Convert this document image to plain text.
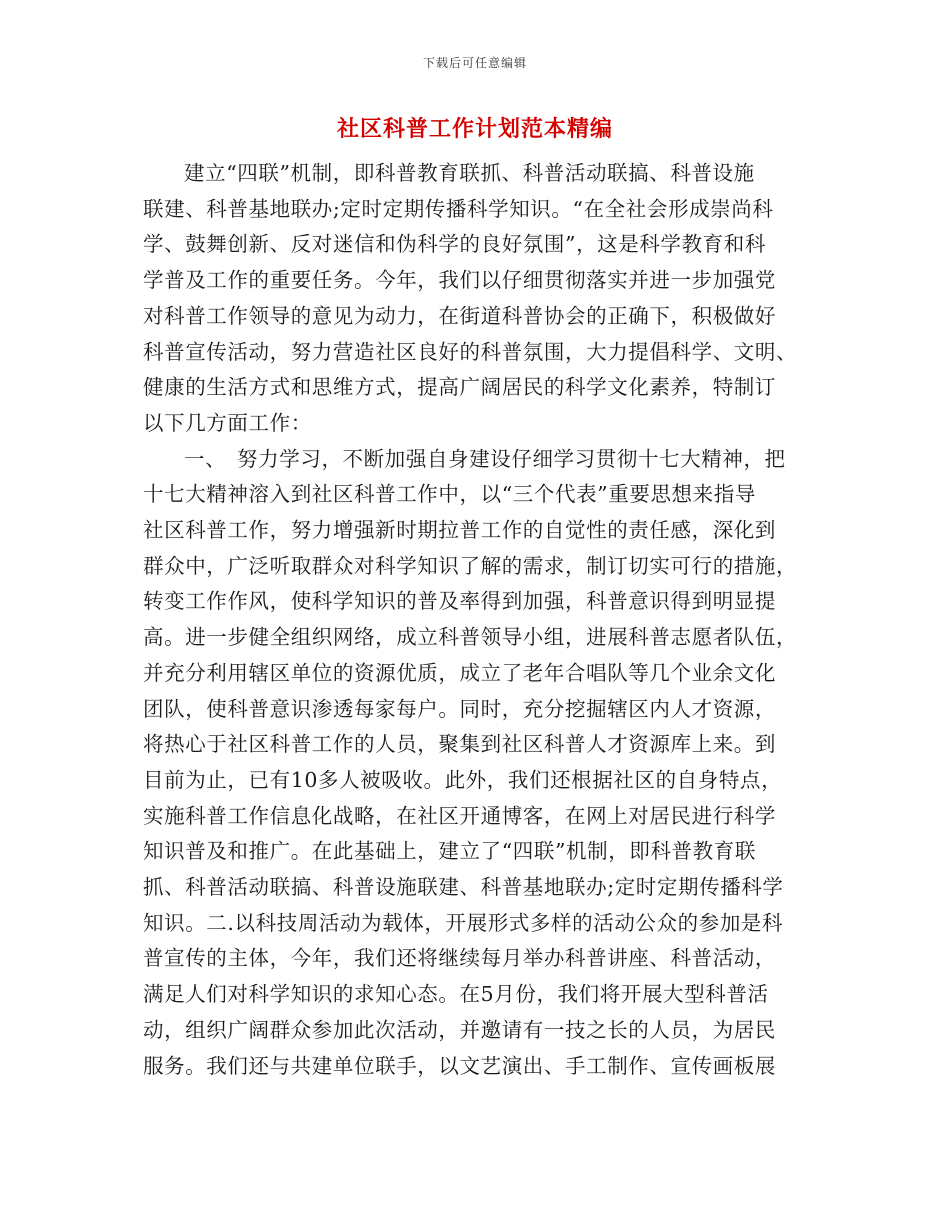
下载后可任意编辑
社区科普工作计划范本精编

建立“四联”机制，即科普教育联抓、科普活动联搞、科普设施
联建、科普基地联办;定时定期传播科学知识。“在全社会形成崇尚科
学、鼓舞创新、反对迷信和伪科学的良好氛围”，这是科学教育和科
学普及工作的重要任务。今年，我们以仔细贯彻落实并进一步加强党
对科普工作领导的意见为动力，在街道科普协会的正确下，积极做好
科普宣传活动，努力营造社区良好的科普氛围，大力提倡科学、文明、
健康的生活方式和思维方式，提高广阔居民的科学文化素养，特制订
以下几方面工作：

一、　努力学习，不断加强自身建设仔细学习贯彻十七大精神，把
十七大精神溶入到社区科普工作中，以“三个代表”重要思想来指导
社区科普工作，努力增强新时期拉普工作的自觉性的责任感，深化到
群众中，广泛听取群众对科学知识了解的需求，制订切实可行的措施，
转变工作作风，使科学知识的普及率得到加强，科普意识得到明显提
高。进一步健全组织网络，成立科普领导小组，进展科普志愿者队伍，
并充分利用辖区单位的资源优质，成立了老年合唱队等几个业余文化
团队，使科普意识渗透每家每户。同时，充分挖掘辖区内人才资源，
将热心于社区科普工作的人员，聚集到社区科普人才资源库上来。到
目前为止，已有10多人被吸收。此外，我们还根据社区的自身特点，
实施科普工作信息化战略，在社区开通博客，在网上对居民进行科学
知识普及和推广。在此基础上，建立了“四联”机制，即科普教育联
抓、科普活动联搞、科普设施联建、科普基地联办;定时定期传播科学
知识。二.以科技周活动为载体，开展形式多样的活动公众的参加是科
普宣传的主体，今年，我们还将继续每月举办科普讲座、科普活动，
满足人们对科学知识的求知心态。在5月份，我们将开展大型科普活
动，组织广阔群众参加此次活动，并邀请有一技之长的人员，为居民
服务。我们还与共建单位联手，以文艺演出、手工制作、宣传画板展
